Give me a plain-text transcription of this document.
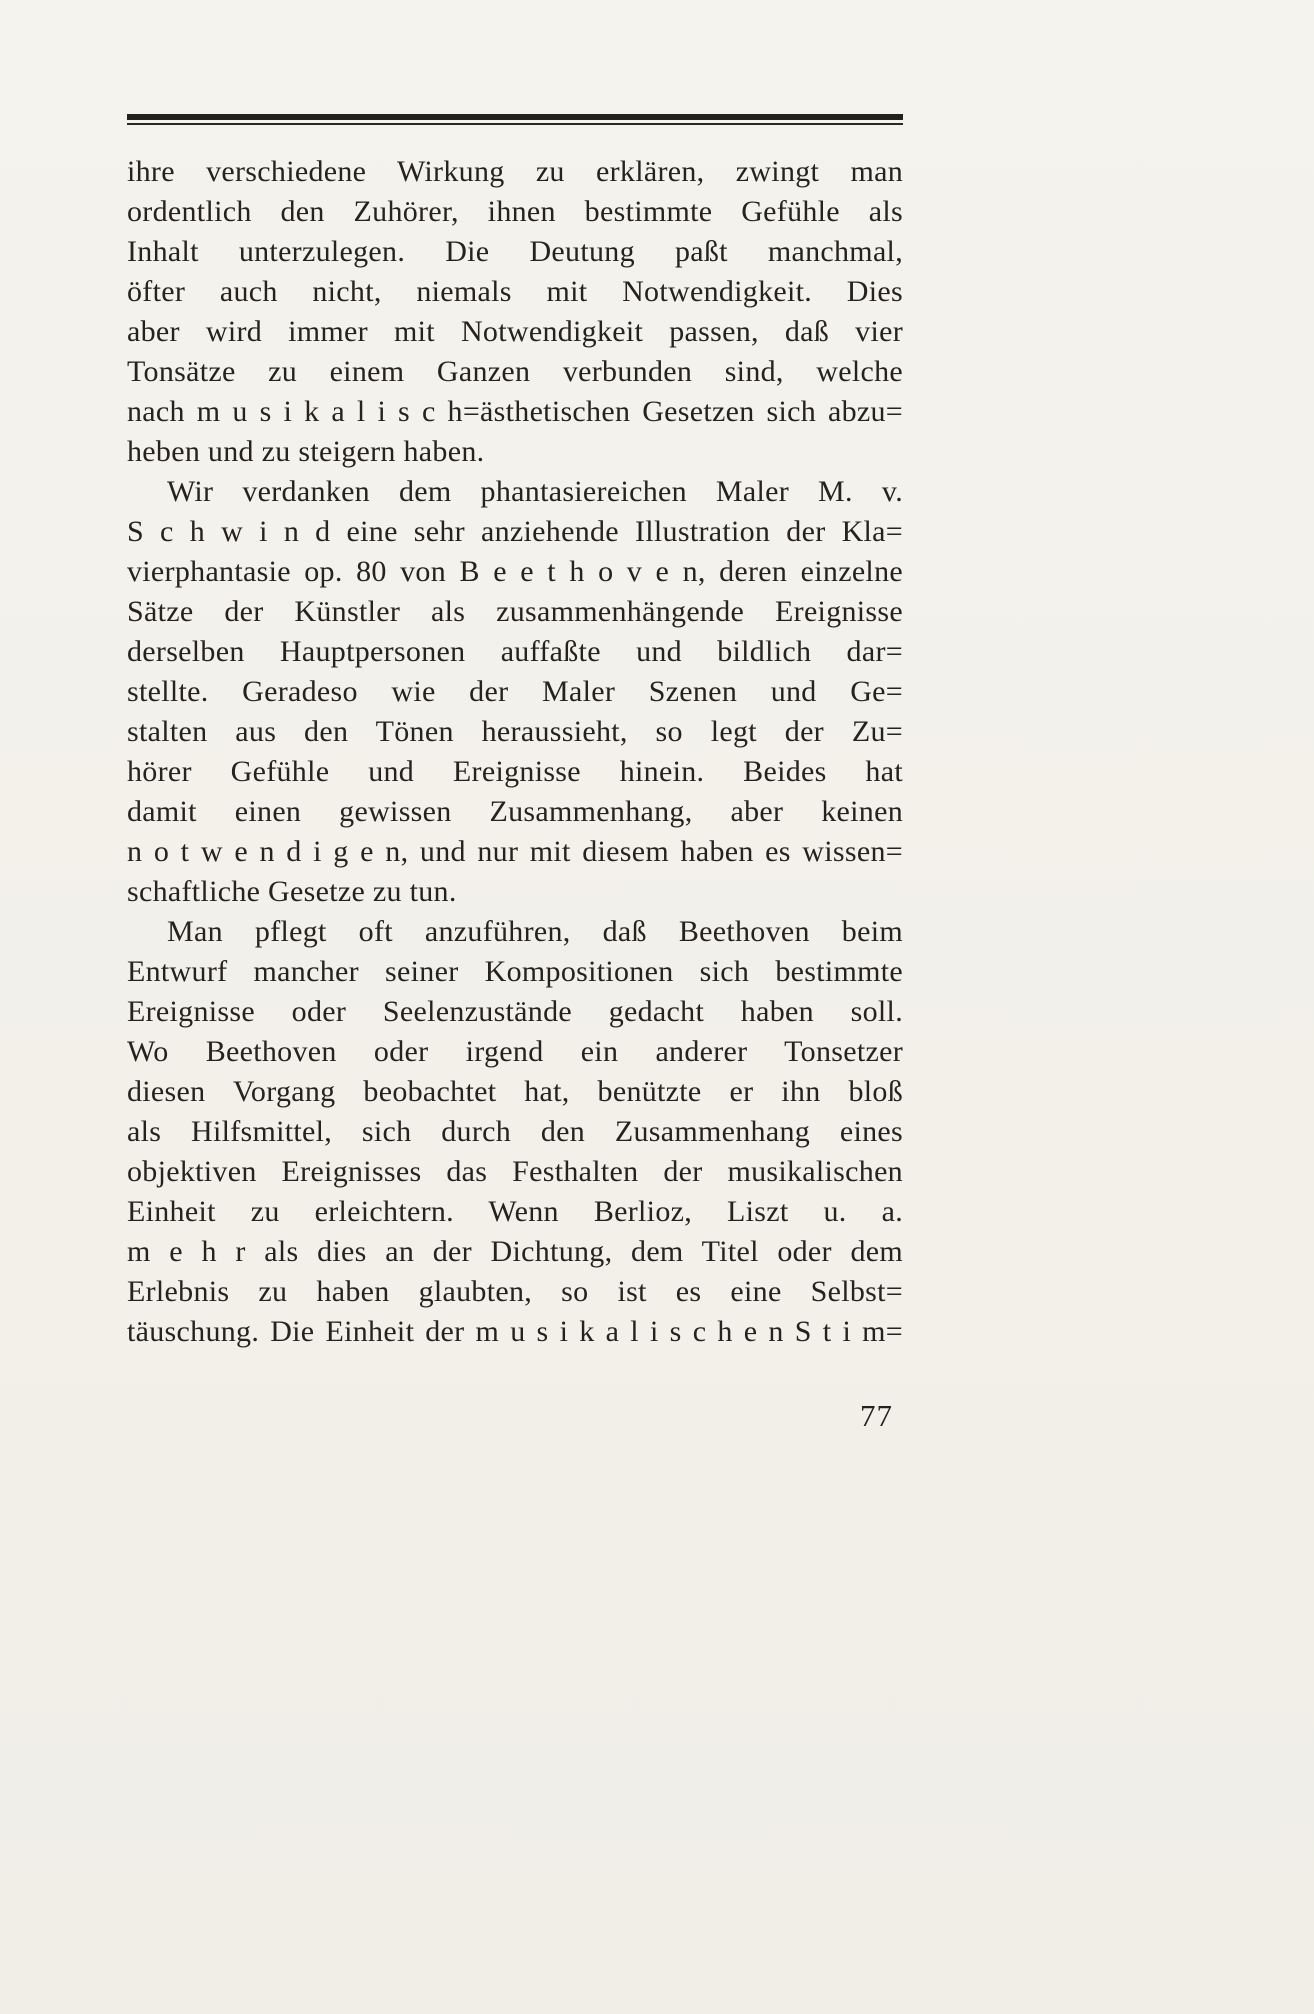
ihre verschiedene Wirkung zu erklären, zwingt man
ordentlich den Zuhörer, ihnen bestimmte Gefühle als
Inhalt unterzulegen. Die Deutung paßt manchmal,
öfter auch nicht, niemals mit Notwendigkeit. Dies
aber wird immer mit Notwendigkeit passen, daß vier
Tonsätze zu einem Ganzen verbunden sind, welche
nach m u s i k a l i s c h=ästhetischen Gesetzen sich abzu=
heben und zu steigern haben.
Wir verdanken dem phantasiereichen Maler M. v.
S c h w i n d eine sehr anziehende Illustration der Kla=
vierphantasie op. 80 von B e e t h o v e n, deren einzelne
Sätze der Künstler als zusammenhängende Ereignisse
derselben Hauptpersonen auffaßte und bildlich dar=
stellte. Geradeso wie der Maler Szenen und Ge=
stalten aus den Tönen heraussieht, so legt der Zu=
hörer Gefühle und Ereignisse hinein. Beides hat
damit einen gewissen Zusammenhang, aber keinen
n o t w e n d i g e n, und nur mit diesem haben es wissen=
schaftliche Gesetze zu tun.
Man pflegt oft anzuführen, daß Beethoven beim
Entwurf mancher seiner Kompositionen sich bestimmte
Ereignisse oder Seelenzustände gedacht haben soll.
Wo Beethoven oder irgend ein anderer Tonsetzer
diesen Vorgang beobachtet hat, benützte er ihn bloß
als Hilfsmittel, sich durch den Zusammenhang eines
objektiven Ereignisses das Festhalten der musikalischen
Einheit zu erleichtern. Wenn Berlioz, Liszt u. a.
m e h r als dies an der Dichtung, dem Titel oder dem
Erlebnis zu haben glaubten, so ist es eine Selbst=
täuschung. Die Einheit der m u s i k a l i s c h e n S t i m=
77
